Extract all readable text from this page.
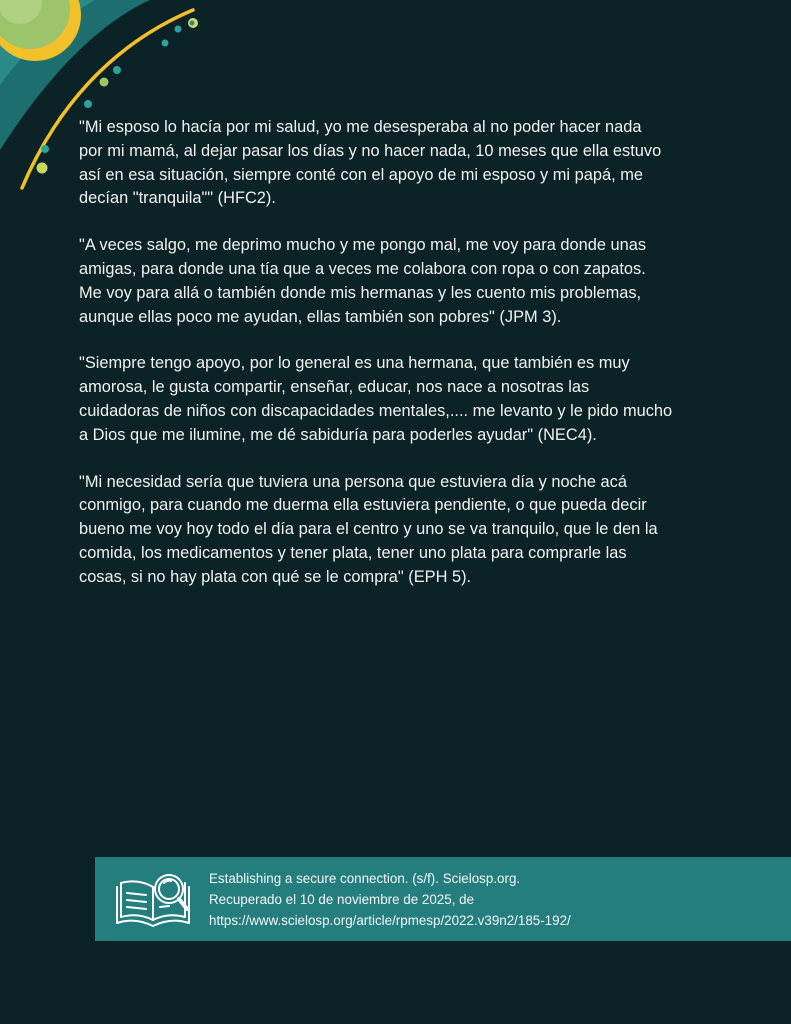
"Mi esposo lo hacía por mi salud, yo me desesperaba al no poder hacer nada
por mi mamá, al dejar pasar los días y no hacer nada, 10 meses que ella estuvo
así en esa situación, siempre conté con el apoyo de mi esposo y mi papá, me
decían "tranquila"" (HFC2).

"A veces salgo, me deprimo mucho y me pongo mal, me voy para donde unas
amigas, para donde una tía que a veces me colabora con ropa o con zapatos.
Me voy para allá o también donde mis hermanas y les cuento mis problemas,
aunque ellas poco me ayudan, ellas también son pobres" (JPM 3).

"Siempre tengo apoyo, por lo general es una hermana, que también es muy
amorosa, le gusta compartir, enseñar, educar, nos nace a nosotras las
cuidadoras de niños con discapacidades mentales,.... me levanto y le pido mucho
a Dios que me ilumine, me dé sabiduría para poderles ayudar" (NEC4).

"Mi necesidad sería que tuviera una persona que estuviera día y noche acá
conmigo, para cuando me duerma ella estuviera pendiente, o que pueda decir
bueno me voy hoy todo el día para el centro y uno se va tranquilo, que le den la
comida, los medicamentos y tener plata, tener uno plata para comprarle las
cosas, si no hay plata con qué se le compra" (EPH 5).

Establishing a secure connection. (s/f). Scielosp.org.
Recuperado el 10 de noviembre de 2025, de
https://www.scielosp.org/article/rpmesp/2022.v39n2/185-192/
